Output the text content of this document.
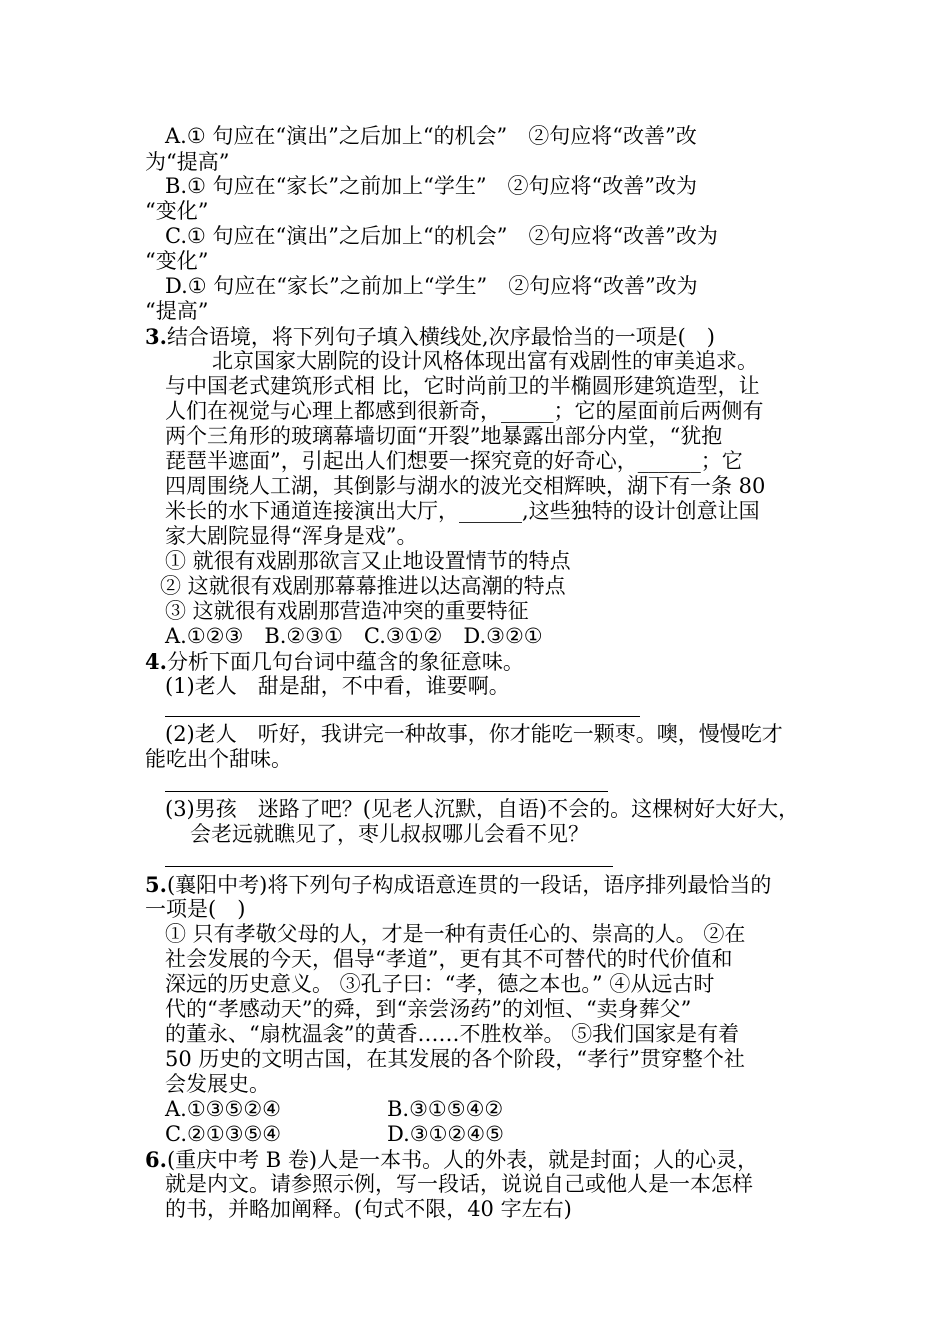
A.① 句应在“演出”之后加上“的机会”　②句应将“改善”改
为“提高”
B.① 句应在“家长”之前加上“学生”　②句应将“改善”改为
“变化”
C.① 句应在“演出”之后加上“的机会”　②句应将“改善”改为
“变化”
D.① 句应在“家长”之前加上“学生”　②句应将“改善”改为
“提高”
3.结合语境，将下列句子填入横线处,次序最恰当的一项是(　)
北京国家大剧院的设计风格体现出富有戏剧性的审美追求。
与中国老式建筑形式相 比，它时尚前卫的半椭圆形建筑造型，让
人们在视觉与心理上都感到很新奇，_____；它的屋面前后两侧有
两个三角形的玻璃幕墙切面“开裂”地暴露出部分内堂，“犹抱
琵琶半遮面”，引起出人们想要一探究竟的好奇心，______；它
四周围绕人工湖，其倒影与湖水的波光交相辉映，湖下有一条 80
米长的水下通道连接演出大厅，______,这些独特的设计创意让国
家大剧院显得“浑身是戏”。
① 就很有戏剧那欲言又止地设置情节的特点
② 这就很有戏剧那幕幕推进以达高潮的特点
③ 这就很有戏剧那营造冲突的重要特征
A.①②③　B.②③①　C.③①②　D.③②①
4.分析下面几句台词中蕴含的象征意味。
(1)老人　甜是甜，不中看，谁要啊。
(2)老人　听好，我讲完一种故事，你才能吃一颗枣。噢，慢慢吃才
能吃出个甜味。
(3)男孩　迷路了吧？(见老人沉默，自语)不会的。这棵树好大好大，
会老远就瞧见了，枣儿叔叔哪儿会看不见？
5.(襄阳中考)将下列句子构成语意连贯的一段话，语序排列最恰当的
一项是(　)
① 只有孝敬父母的人，才是一种有责任心的、崇高的人。 ②在
社会发展的今天，倡导“孝道”，更有其不可替代的时代价值和
深远的历史意义。 ③孔子曰：“孝，德之本也。” ④从远古时
代的“孝感动天”的舜，到“亲尝汤药”的刘恒、“卖身葬父”
的董永、“扇枕温衾”的黄香……不胜枚举。 ⑤我们国家是有着
50 历史的文明古国，在其发展的各个阶段，“孝行”贯穿整个社
会发展史。
A.①③⑤②④	B.③①⑤④②
C.②①③⑤④	D.③①②④⑤
6.(重庆中考 B 卷)人是一本书。人的外表，就是封面；人的心灵，
就是内文。请参照示例，写一段话，说说自己或他人是一本怎样
的书，并略加阐释。(句式不限，40 字左右)
